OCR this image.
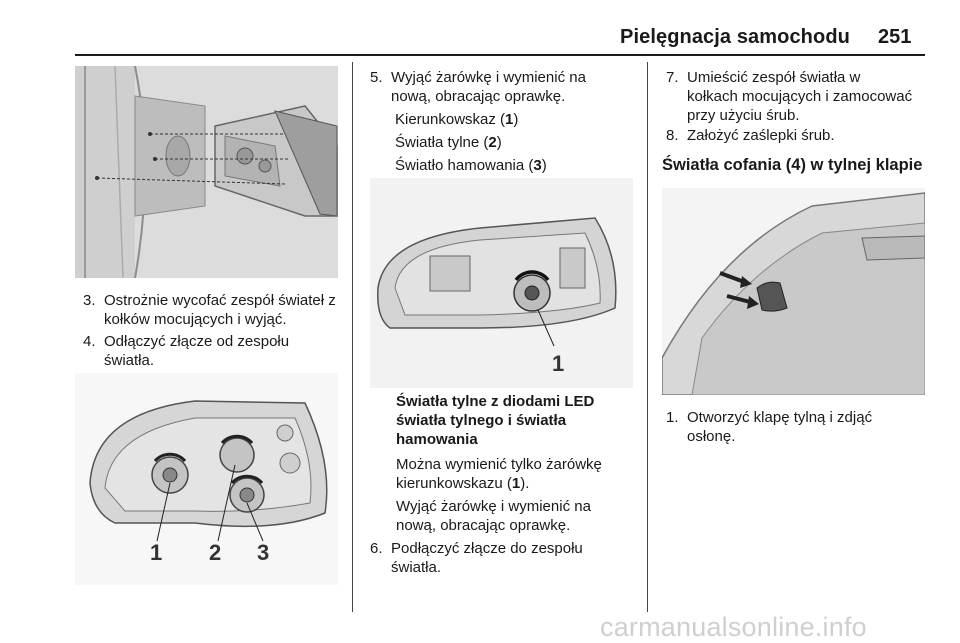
Pielęgnacja samochodu 251
3. Ostrożnie wycofać zespół świateł z kołków mocujących i wyjąć.
4. Odłączyć złącze od zespołu światła.
1 2 3
5. Wyjąć żarówkę i wymienić na nową, obracając oprawkę.
Kierunkowskaz (1)
Światła tylne (2)
Światło hamowania (3)
1
Światła tylne z diodami LED
światła tylnego i światła
hamowania
Można wymienić tylko żarówkę kierunkowskazu (1).
Wyjąć żarówkę i wymienić na nową, obracając oprawkę.
6. Podłączyć złącze do zespołu światła.
7. Umieścić zespół światła w
kołkach mocujących i zamocować
przy użyciu śrub.
8. Założyć zaślepki śrub.
Światła cofania (4) w tylnej klapie
1. Otworzyć klapę tylną i zdjąć osłonę.
carmanualsonline.info
